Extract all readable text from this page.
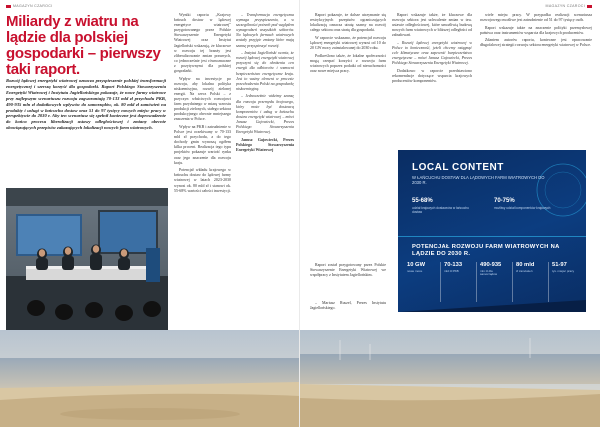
MAGAZYN CZAROCI
Miliardy z wiatru na lądzie dla polskiej gospodarki – pierwszy taki raport.
Rozwój lądowej energetyki wiatrowej oznacza przyspieszenie polskiej transformacji energetycznej i szerszą korzyść dla gospodarki. Raport Polskiego Stowarzyszenia Energetyki Wiatrowej i Instytutu Jagiellońskiego pokazuje, że nowe farmy wiatrowe przy najlepszym scenariuszu rozwoju zagwarantują 70-133 mld zł przychodu PKB, 490-935 mln zł dodatkowych wpływów do samorządów, ok. 80 mld zł zamówień na produkty i usługi w łańcuchu dostaw oraz 51 do 97 tysięcy nowych miejsc pracy w perspektywie do 2030 r. Aby ten scenariusz się spełnił konieczne jest doprowadzenie do końca procesu liberalizacji ustawy odległościowej i zmiany obecnie obowiązujących przepisów zakazujących lokalizacji nowych farm wiatrowych.

Wyniki raportu „Krajowy łańcuch dostaw w lądowej energetyce wiatrowej" przygotowanego przez Polskie Stowarzyszenie Energetyki Wiatrowej oraz Instytut Jagielloński wskazują, że kluczowe w rozwoju tej branży jest zliberalizowanie zmian prawnych, co jednocześnie jest równoznaczne z pozytywnymi dla polskiej gospodarki.

Wpływ na inwestycje po rozwoju, aby lokalna polityka niskoemisyjna, rozwój zielonej energii. Na rzecz Polski – z przyczyn właściwych rozwojowi farm przydatnego w miarę wzrostu produkcji zielonych, stałego sektora produkcyjnego obecnie mniejszego znaczenia w Polsce.

Wpływ na PKB i zatrudnienie w Polsce jest oczekiwany w 70-133 mld zł przychodu, a do tego dochody gmin wynoszą ogółem kilka procent. Realizacja tego typu projektów pokazuje wartość rynku oraz jego znaczenie dla rozwoju kraju.

Potencjał wkładu krajowego w łańcuchu dostaw do lądowej farmy wiatrowej w latach 2023-2030 wynosi ok. 80 mld zł i stanowi ok. 55-68% wartości całości inwestycji.

– Transformacja energetyczna wymaga przyspieszenia, a w szczególności potrzeb pod względem wynagrodzeń wszystkich sektorów. Na lądowych farmach wiatrowych zostały przyjęte zmiany które mają szansę przyspieszyć rozwój.

– Instytut Jagielloński ocenia, że rozwój lądowej energetyki wiatrowej przyczyni się do obniżenia cen energii dla odbiorców i wzmocni bezpieczeństwo energetyczne kraju. Jest to ważny element w procesie przechodzenia Polski na gospodarkę niskoemisyjną.

– Jednocześnie widzimy szansę dla rozwoju przemysłu krajowego, który może być dostawcą komponentów i usług w łańcuchu dostaw energetyki wiatrowej – mówi Janusz Gajowiecki, Prezes Polskiego Stowarzyszenia Energetyki Wiatrowej.

Janusz Gajowiecki, Prezes Polskiego Stowarzyszenia Energetyki Wiatrowej

MAGAZYN CZAROCI

Raport pokazuje, że dalsze utrzymanie się restrykcyjnych przepisów ograniczających lokalizację oznacza utratę szansy na rozwój całego sektora oraz stratę dla gospodarki.

W raporcie wskazano, że potencjał rozwoju lądowej energetyki wiatrowej wynosi od 10 do 20 GW mocy zainstalowanej do 2030 roku.

Podkreślono także, że lokalne społeczności mogą czerpać korzyści z rozwoju farm wiatrowych poprzez podatki od nieruchomości oraz nowe miejsca pracy.

Raport wskazuje także, że kluczowe dla rozwoju sektora jest uchwalenie zmian w tzw. ustawie odległościowej, które umożliwią budowę nowych farm wiatrowych w bliższej odległości od zabudowań.

– Rozwój lądowej energetyki wiatrowej w Polsce to konieczność, jeżeli chcemy osiągnąć cele klimatyczne oraz zapewnić bezpieczeństwo energetyczne – mówi Janusz Gajowiecki, Prezes Polskiego Stowarzyszenia Energetyki Wiatrowej.

Dodatkowo w raporcie przedstawiono rekomendacje dotyczące wsparcia krajowych producentów komponentów.

wiele miejsc pracy. W przypadku realizacji scenariusza rozwojowego możliwe jest zatrudnienie od 51 do 97 tysięcy osób.

Raport wskazuje także na znaczenie polityki przemysłowej państwa oraz instrumentów wsparcia dla krajowych producentów.

Zdaniem autorów raportu, konieczne jest opracowanie długofalowej strategii rozwoju sektora energetyki wiatrowej w Polsce.

Raport został przygotowany przez Polskie Stowarzyszenie Energetyki Wiatrowej we współpracy z Instytutem Jagiellońskim.

– Mariusz Ruszel, Prezes Instytutu Jagiellońskiego.

LOCAL CONTENT
W ŁAŃCUCHU DOSTAW DLA LĄDOWYCH FARM WIATROWYCH DO 2030 R.
55-68%
udział krajowych dostawców w łańcuchu dostaw
70-75%
możliwy udział komponentów krajowych
POTENCJAŁ ROZWOJU FARM WIATROWYCH NA LĄDZIE DO 2030 R.
10 GW
nowe moce
70-133
mld zł PKB
490-935
mln zł dla samorządów
80 mld
zł zamówień
51-97
tys. miejsc pracy
